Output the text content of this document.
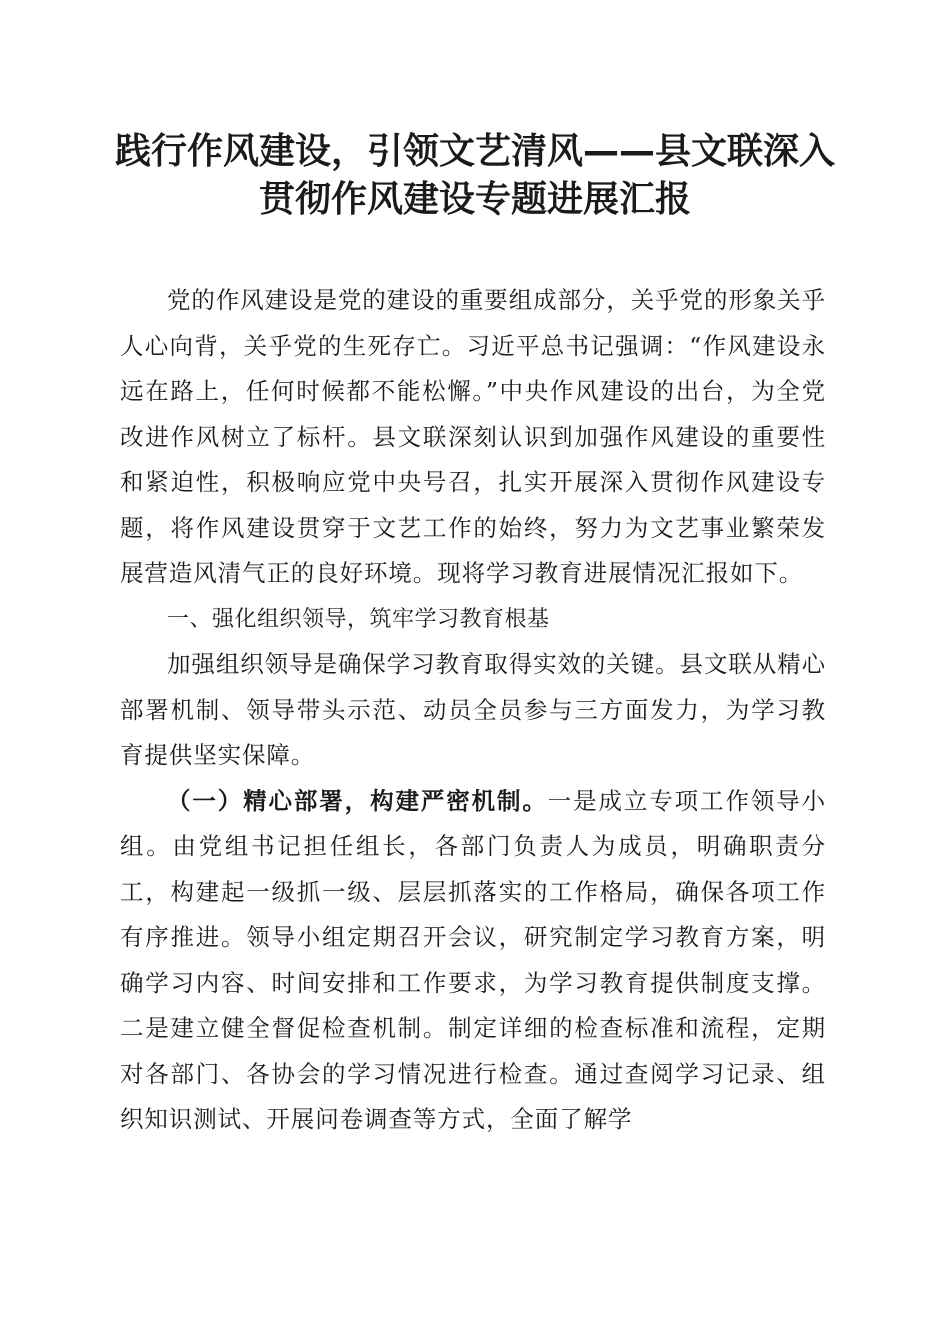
践行作风建设，引领文艺清风——县文联深入
贯彻作风建设专题进展汇报

党的作风建设是党的建设的重要组成部分，关乎党的形象关乎人心向背，关乎党的生死存亡。习近平总书记强调：“作风建设永远在路上，任何时候都不能松懈。”中央作风建设的出台，为全党改进作风树立了标杆。县文联深刻认识到加强作风建设的重要性和紧迫性，积极响应党中央号召，扎实开展深入贯彻作风建设专题，将作风建设贯穿于文艺工作的始终，努力为文艺事业繁荣发展营造风清气正的良好环境。现将学习教育进展情况汇报如下。

一、强化组织领导，筑牢学习教育根基

加强组织领导是确保学习教育取得实效的关键。县文联从精心部署机制、领导带头示范、动员全员参与三方面发力，为学习教育提供坚实保障。

（一）精心部署，构建严密机制。一是成立专项工作领导小组。由党组书记担任组长，各部门负责人为成员，明确职责分工，构建起一级抓一级、层层抓落实的工作格局，确保各项工作有序推进。领导小组定期召开会议，研究制定学习教育方案，明确学习内容、时间安排和工作要求，为学习教育提供制度支撑。二是建立健全督促检查机制。制定详细的检查标准和流程，定期对各部门、各协会的学习情况进行检查。通过查阅学习记录、组织知识测试、开展问卷调查等方式，全面了解学
